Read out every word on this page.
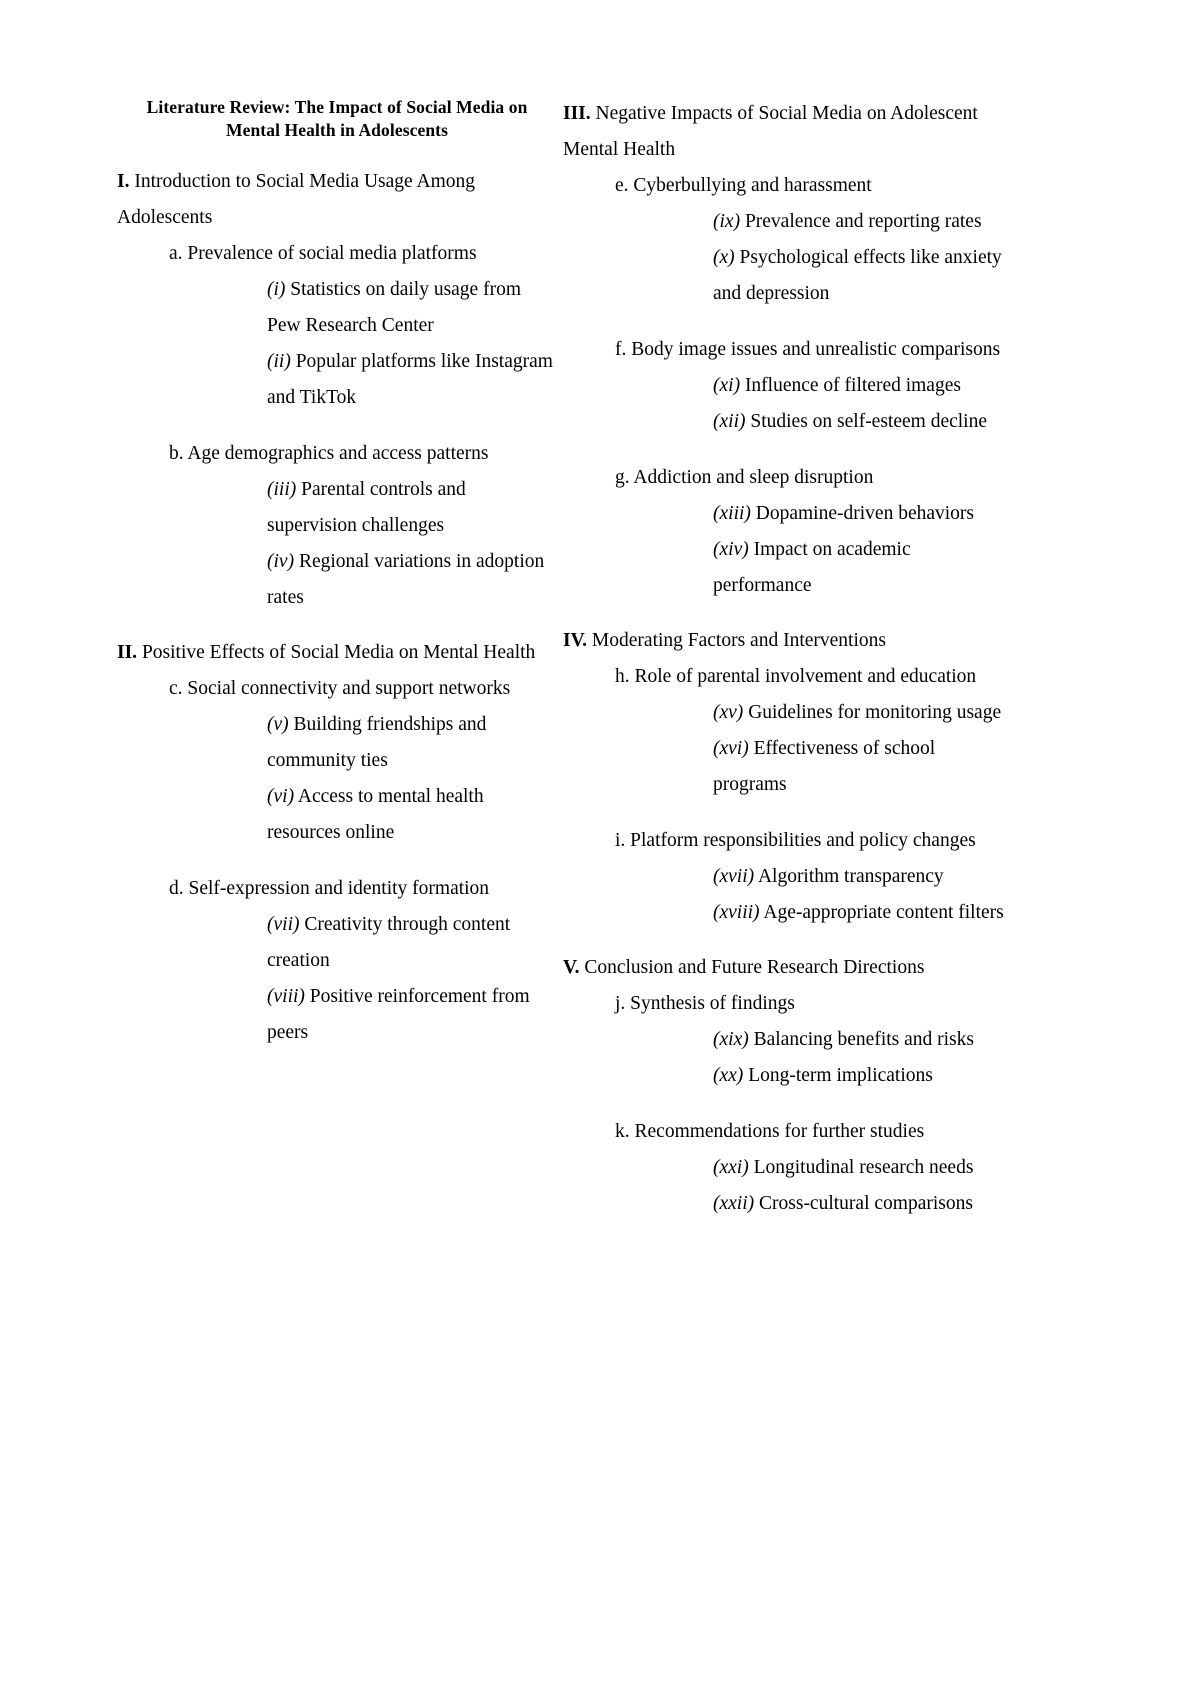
Literature Review: The Impact of Social Media on
Mental Health in Adolescents
I. Introduction to Social Media Usage Among Adolescents
a. Prevalence of social media platforms
(i) Statistics on daily usage from Pew Research Center
(ii) Popular platforms like Instagram and TikTok
b. Age demographics and access patterns
(iii) Parental controls and supervision challenges
(iv) Regional variations in adoption rates
II. Positive Effects of Social Media on Mental Health
c. Social connectivity and support networks
(v) Building friendships and community ties
(vi) Access to mental health resources online
d. Self-expression and identity formation
(vii) Creativity through content creation
(viii) Positive reinforcement from peers
III. Negative Impacts of Social Media on Adolescent Mental Health
e. Cyberbullying and harassment
(ix) Prevalence and reporting rates
(x) Psychological effects like anxiety and depression
f. Body image issues and unrealistic comparisons
(xi) Influence of filtered images
(xii) Studies on self-esteem decline
g. Addiction and sleep disruption
(xiii) Dopamine-driven behaviors
(xiv) Impact on academic performance
IV. Moderating Factors and Interventions
h. Role of parental involvement and education
(xv) Guidelines for monitoring usage
(xvi) Effectiveness of school programs
i. Platform responsibilities and policy changes
(xvii) Algorithm transparency
(xviii) Age-appropriate content filters
V. Conclusion and Future Research Directions
j. Synthesis of findings
(xix) Balancing benefits and risks
(xx) Long-term implications
k. Recommendations for further studies
(xxi) Longitudinal research needs
(xxii) Cross-cultural comparisons
